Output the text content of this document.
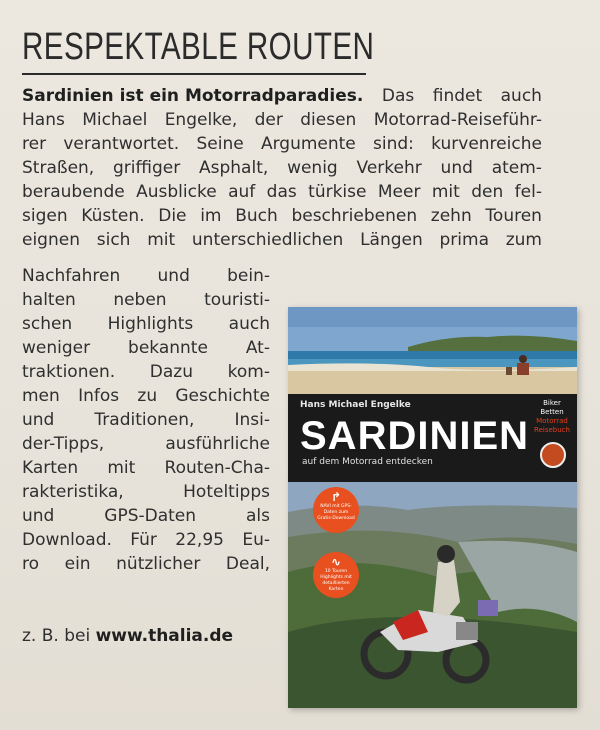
RESPEKTABLE ROUTEN
Sardinien ist ein Motorradparadies. Das findet auch
Hans Michael Engelke, der diesen Motorrad-Reiseführ-
rer verantwortet. Seine Argumente sind: kurvenreiche
Straßen, griffiger Asphalt, wenig Verkehr und atem-
beraubende Ausblicke auf das türkise Meer mit den fel-
sigen Küsten. Die im Buch beschriebenen zehn Touren
eignen sich mit unterschiedlichen Längen prima zum
Nachfahren und bein-
halten neben touristi-
schen Highlights auch
weniger bekannte At-
traktionen. Dazu kom-
men Infos zu Geschichte
und Traditionen, Insi-
der-Tipps,	ausführliche
Karten mit Routen-Cha-
rakteristika,	Hoteltipps
und	GPS-Daten	als
Download. Für 22,95 Eu-
ro ein nützlicher Deal,
z. B. bei www.thalia.de
Hans Michael Engelke
SARDINIEN
auf dem Motorrad entdecken
Biker Betten
Motorrad
Reisebuch
↱
NAVI mit GPS-Daten zum Gratis-Download
∿
10 Touren Highlights mit detaillierten Karten
